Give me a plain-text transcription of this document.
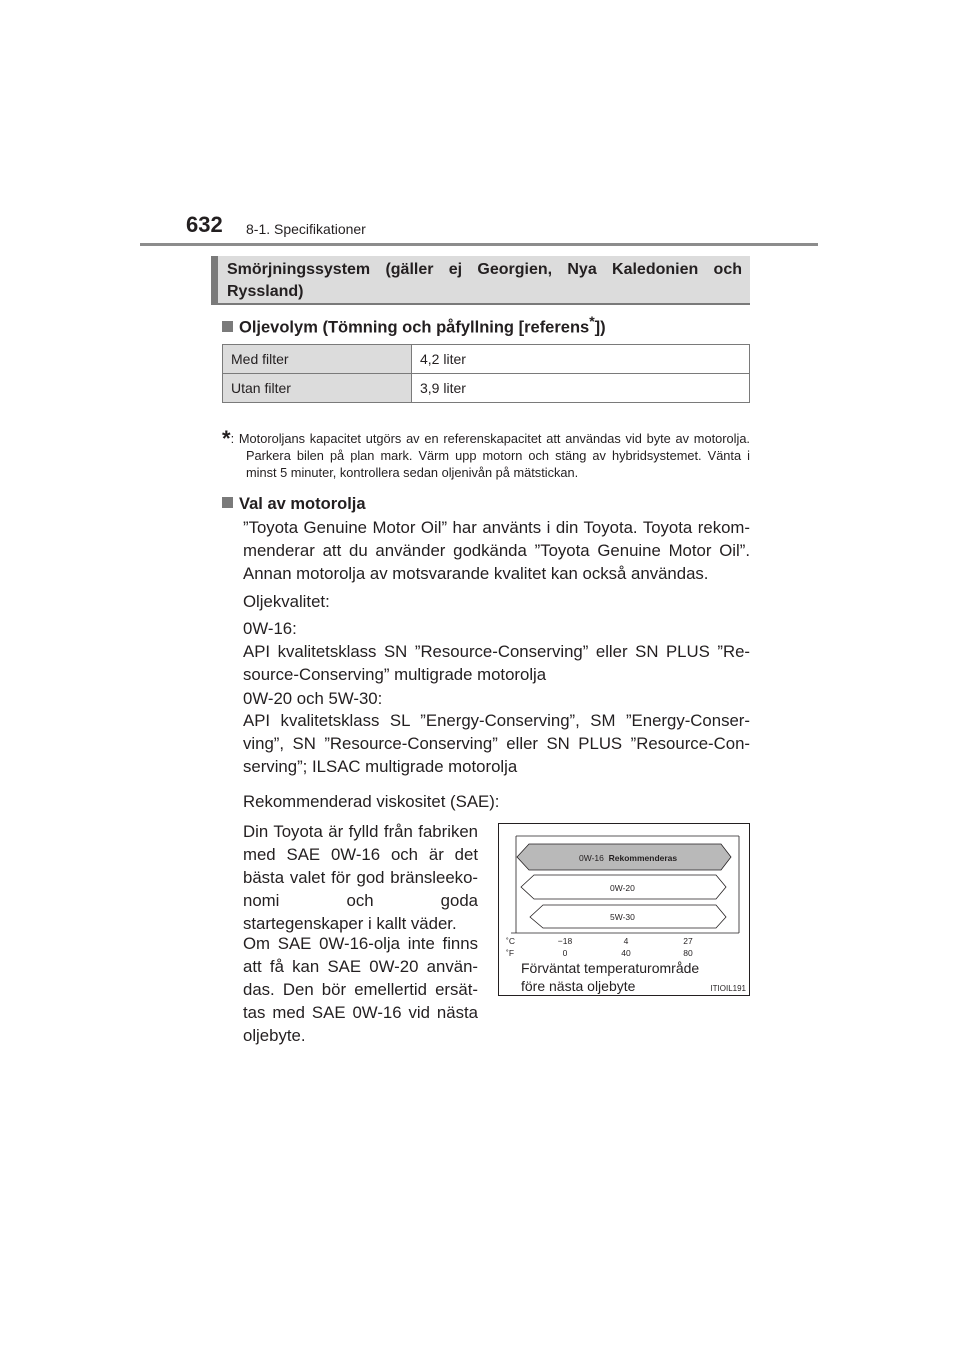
632 8-1. Specifikationer
Smörjningssystem (gäller ej Georgien, Nya Kaledonien och Ryssland)
Oljevolym (Tömning och påfyllning [referens*])
Med filter	4,2 liter
Utan filter	3,9 liter
*: Motoroljans kapacitet utgörs av en referenskapacitet att användas vid byte av motorolja. Parkera bilen på plan mark. Värm upp motorn och stäng av hybridsystemet. Vänta i minst 5 minuter, kontrollera sedan oljenivån på mätstickan.
Val av motorolja
”Toyota Genuine Motor Oil” har använts i din Toyota. Toyota rekommenderar att du använder godkända ”Toyota Genuine Motor Oil”. Annan motorolja av motsvarande kvalitet kan också användas.
Oljekvalitet:
0W-16:
API kvalitetsklass SN ”Resource-Conserving” eller SN PLUS ”Resource-Conserving” multigrade motorolja
0W-20 och 5W-30:
API kvalitetsklass SL ”Energy-Conserving”, SM ”Energy-Conserving”, SN ”Resource-Conserving” eller SN PLUS ”Resource-Conserving”; ILSAC multigrade motorolja
Rekommenderad viskositet (SAE):
Din Toyota är fylld från fabriken med SAE 0W-16 och är det bästa valet för god bränsleekonomi och goda startegenskaper i kallt väder.
Om SAE 0W-16-olja inte finns att få kan SAE 0W-20 användas. Den bör emellertid ersättas med SAE 0W-16 vid nästa oljebyte.
0W-16 Rekommenderas
0W-20
5W-30
˚C
˚F
−18	4	27
0	40	80
Förväntat temperaturområde
före nästa oljebyte	ITIOIL191
